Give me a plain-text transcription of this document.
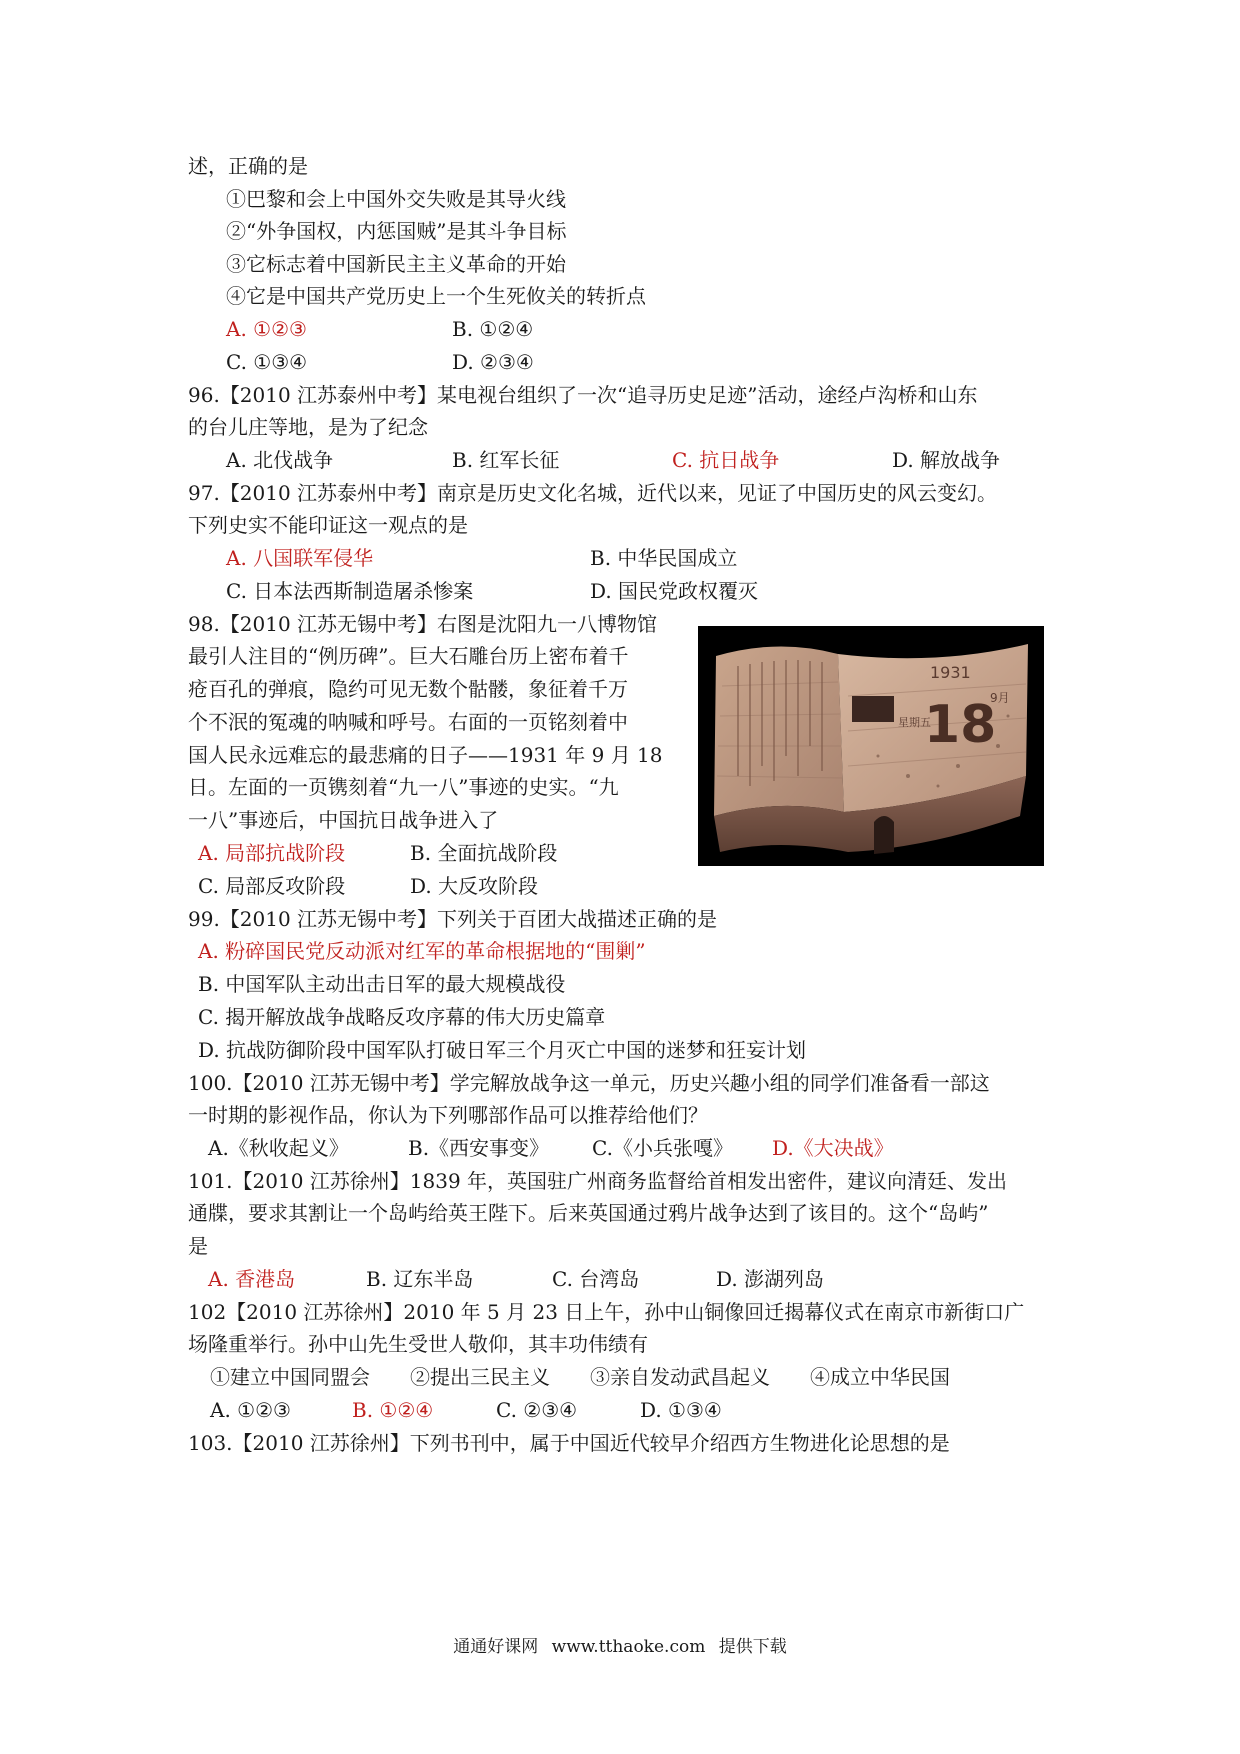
述，正确的是
①巴黎和会上中国外交失败是其导火线
②“外争国权，内惩国贼”是其斗争目标
③它标志着中国新民主主义革命的开始
④它是中国共产党历史上一个生死攸关的转折点
A. ①②③	B. ①②④
C. ①③④	D. ②③④
96.【2010 江苏泰州中考】某电视台组织了一次“追寻历史足迹”活动，途经卢沟桥和山东
的台儿庄等地，是为了纪念
A. 北伐战争	B. 红军长征	C. 抗日战争	D. 解放战争
97.【2010 江苏泰州中考】南京是历史文化名城，近代以来，见证了中国历史的风云变幻。
下列史实不能印证这一观点的是
A. 八国联军侵华	B. 中华民国成立
C. 日本法西斯制造屠杀惨案	D. 国民党政权覆灭
98.【2010 江苏无锡中考】右图是沈阳九一八博物馆
最引人注目的“例历碑”。巨大石雕台历上密布着千
疮百孔的弹痕，隐约可见无数个骷髅，象征着千万
个不泯的冤魂的呐喊和呼号。右面的一页铭刻着中
国人民永远难忘的最悲痛的日子——1931 年 9 月 18
日。左面的一页镌刻着“九一八”事迹的史实。“九
一八”事迹后，中国抗日战争进入了
A. 局部抗战阶段	B. 全面抗战阶段
C. 局部反攻阶段	D. 大反攻阶段
1931
18
9月
星期五
99.【2010 江苏无锡中考】下列关于百团大战描述正确的是
A. 粉碎国民党反动派对红军的革命根据地的“围剿”
B. 中国军队主动出击日军的最大规模战役
C. 揭开解放战争战略反攻序幕的伟大历史篇章
D. 抗战防御阶段中国军队打破日军三个月灭亡中国的迷梦和狂妄计划
100.【2010 江苏无锡中考】学完解放战争这一单元，历史兴趣小组的同学们准备看一部这
一时期的影视作品，你认为下列哪部作品可以推荐给他们？
A.《秋收起义》	B.《西安事变》 C.《小兵张嘎》 D.《大决战》
101.【2010 江苏徐州】1839 年，英国驻广州商务监督给首相发出密件，建议向清廷、发出
通牒，要求其割让一个岛屿给英王陛下。后来英国通过鸦片战争达到了该目的。这个“岛屿”
是
A. 香港岛	B. 辽东半岛	C. 台湾岛	D. 澎湖列岛
102【2010 江苏徐州】2010 年 5 月 23 日上午，孙中山铜像回迁揭幕仪式在南京市新街口广
场隆重举行。孙中山先生受世人敬仰，其丰功伟绩有
①建立中国同盟会　　②提出三民主义　　③亲自发动武昌起义　　④成立中华民国
A. ①②③	B. ①②④	C. ②③④	D. ①③④
103.【2010 江苏徐州】下列书刊中，属于中国近代较早介绍西方生物进化论思想的是
通通好课网 www.tthaoke.com 提供下载
